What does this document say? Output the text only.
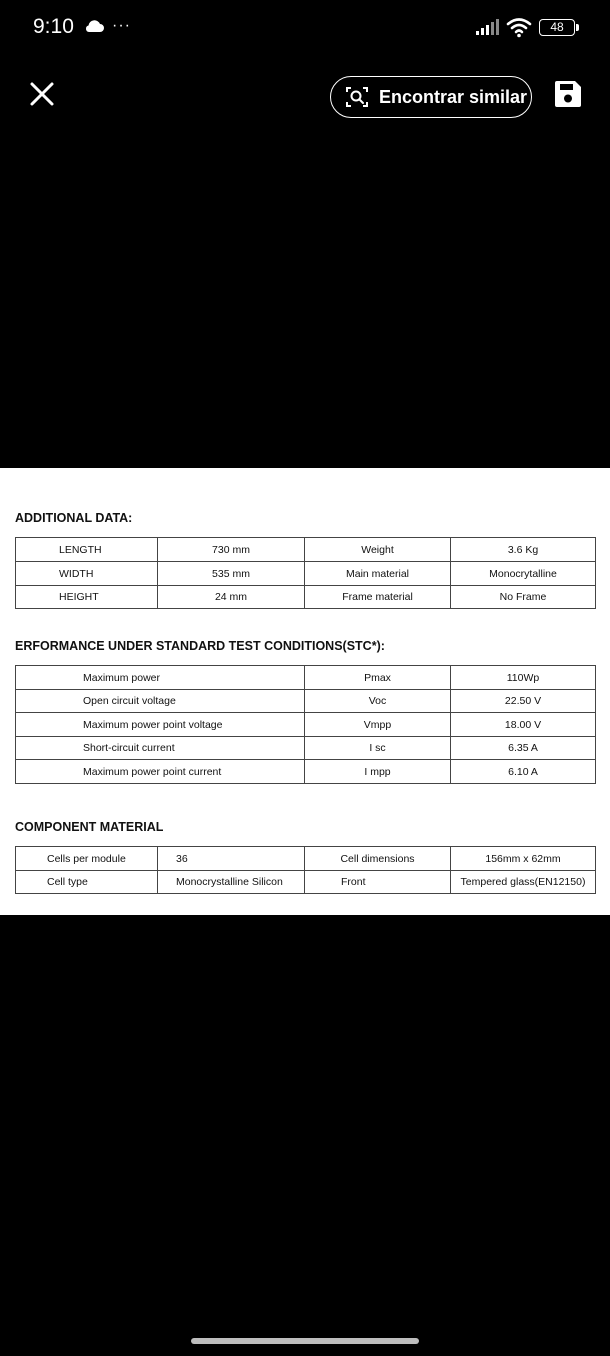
9:10 ···	48
Encontrar similar
ADDITIONAL DATA:
LENGTH	730 mm	Weight	3.6 Kg
WIDTH	535 mm	Main material	Monocrytalline
HEIGHT	24 mm	Frame material	No Frame
ERFORMANCE UNDER STANDARD TEST CONDITIONS(STC*):
Maximum power	Pmax	110Wp
Open circuit voltage	Voc	22.50 V
Maximum power point voltage	Vmpp	18.00 V
Short-circuit current	I sc	6.35 A
Maximum power point current	I mpp	6.10 A
COMPONENT MATERIAL
Cells per module	36	Cell dimensions	156mm x 62mm
Cell type	Monocrystalline Silicon	Front	Tempered glass(EN12150)
